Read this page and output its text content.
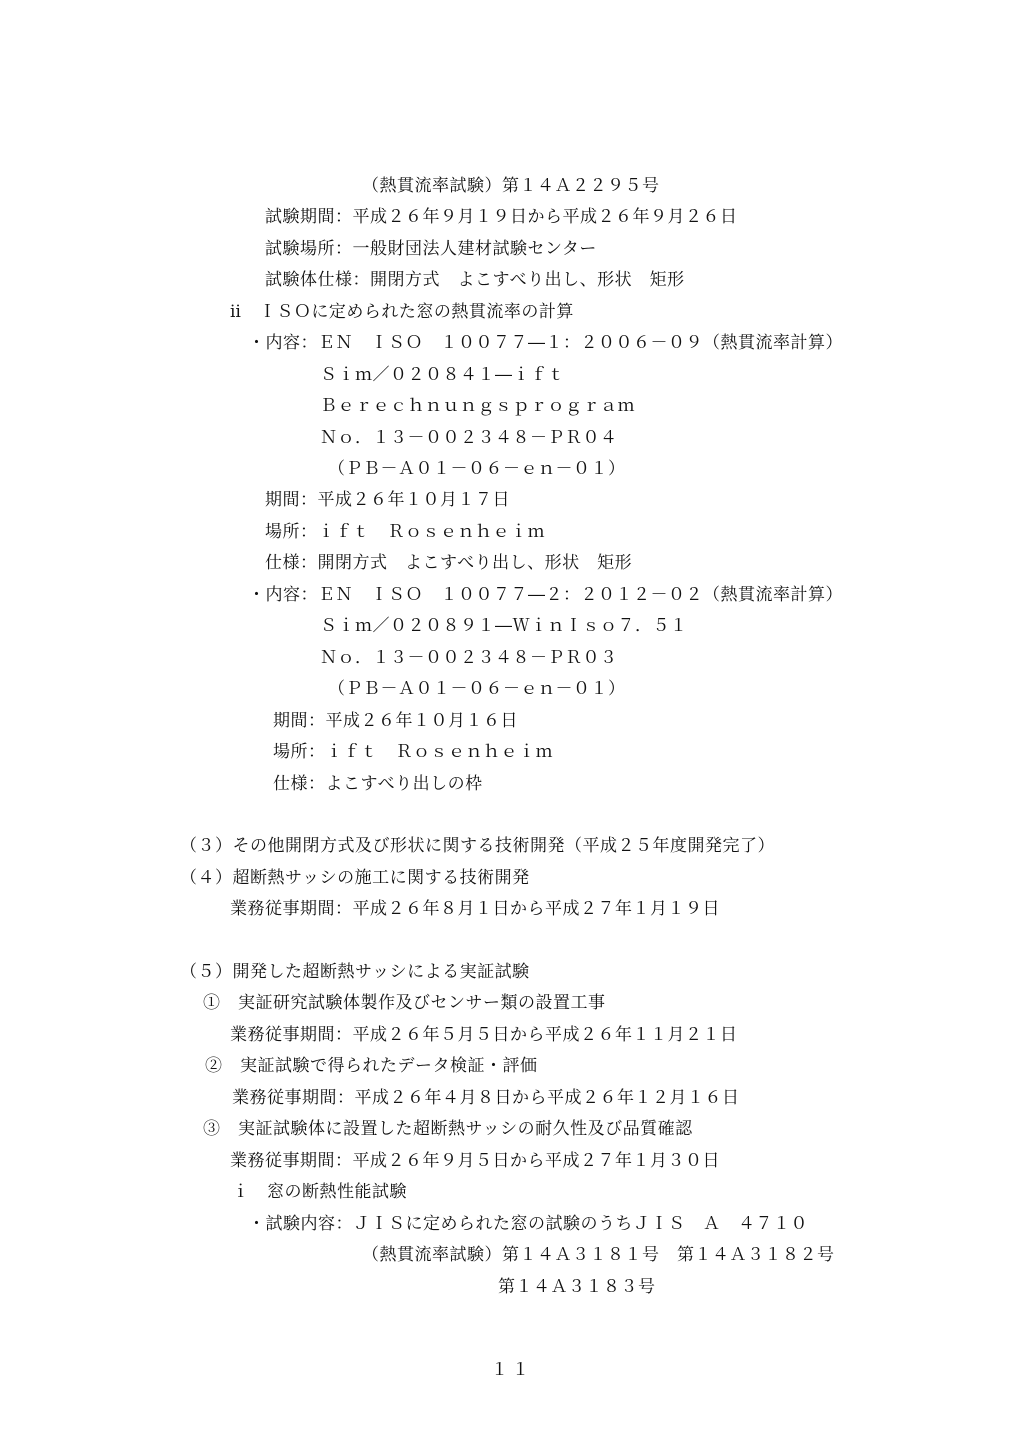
（熱貫流率試験）第１４Ａ２２９５号
試験期間：平成２６年９月１９日から平成２６年９月２６日
試験場所：一般財団法人建材試験センター
試験体仕様：開閉方式　よこすべり出し、形状　矩形
ⅱ　ＩＳＯに定められた窓の熱貫流率の計算
・内容：ＥＮ　ＩＳＯ　１００７７―１：２００６－０９（熱貫流率計算）
Ｓｉｍ／０２０８４１―ｉｆｔ
Ｂｅｒｅｃｈｎｕｎｇｓｐｒｏｇｒａｍ
Ｎｏ．１３－００２３４８－ＰＲ０４
（ＰＢ－Ａ０１－０６－ｅｎ－０１）
期間：平成２６年１０月１７日
場所：ｉｆｔ　Ｒｏｓｅｎｈｅｉｍ
仕様：開閉方式　よこすべり出し、形状　矩形
・内容：ＥＮ　ＩＳＯ　１００７７―２：２０１２－０２（熱貫流率計算）
Ｓｉｍ／０２０８９１―ＷｉｎＩｓｏ７．５１
Ｎｏ．１３－００２３４８－ＰＲ０３
（ＰＢ－Ａ０１－０６－ｅｎ－０１）
期間：平成２６年１０月１６日
場所：ｉｆｔ　Ｒｏｓｅｎｈｅｉｍ
仕様：よこすべり出しの枠
（３）その他開閉方式及び形状に関する技術開発（平成２５年度開発完了）
（４）超断熱サッシの施工に関する技術開発
業務従事期間：平成２６年８月１日から平成２７年１月１９日
（５）開発した超断熱サッシによる実証試験
①　実証研究試験体製作及びセンサー類の設置工事
業務従事期間：平成２６年５月５日から平成２６年１１月２１日
②　実証試験で得られたデータ検証・評価
業務従事期間：平成２６年４月８日から平成２６年１２月１６日
③　実証試験体に設置した超断熱サッシの耐久性及び品質確認
業務従事期間：平成２６年９月５日から平成２７年１月３０日
ｉ　窓の断熱性能試験
・試験内容：ＪＩＳに定められた窓の試験のうちＪＩＳ　Ａ　４７１０
（熱貫流率試験）第１４Ａ３１８１号　第１４Ａ３１８２号
第１４Ａ３１８３号
１１
